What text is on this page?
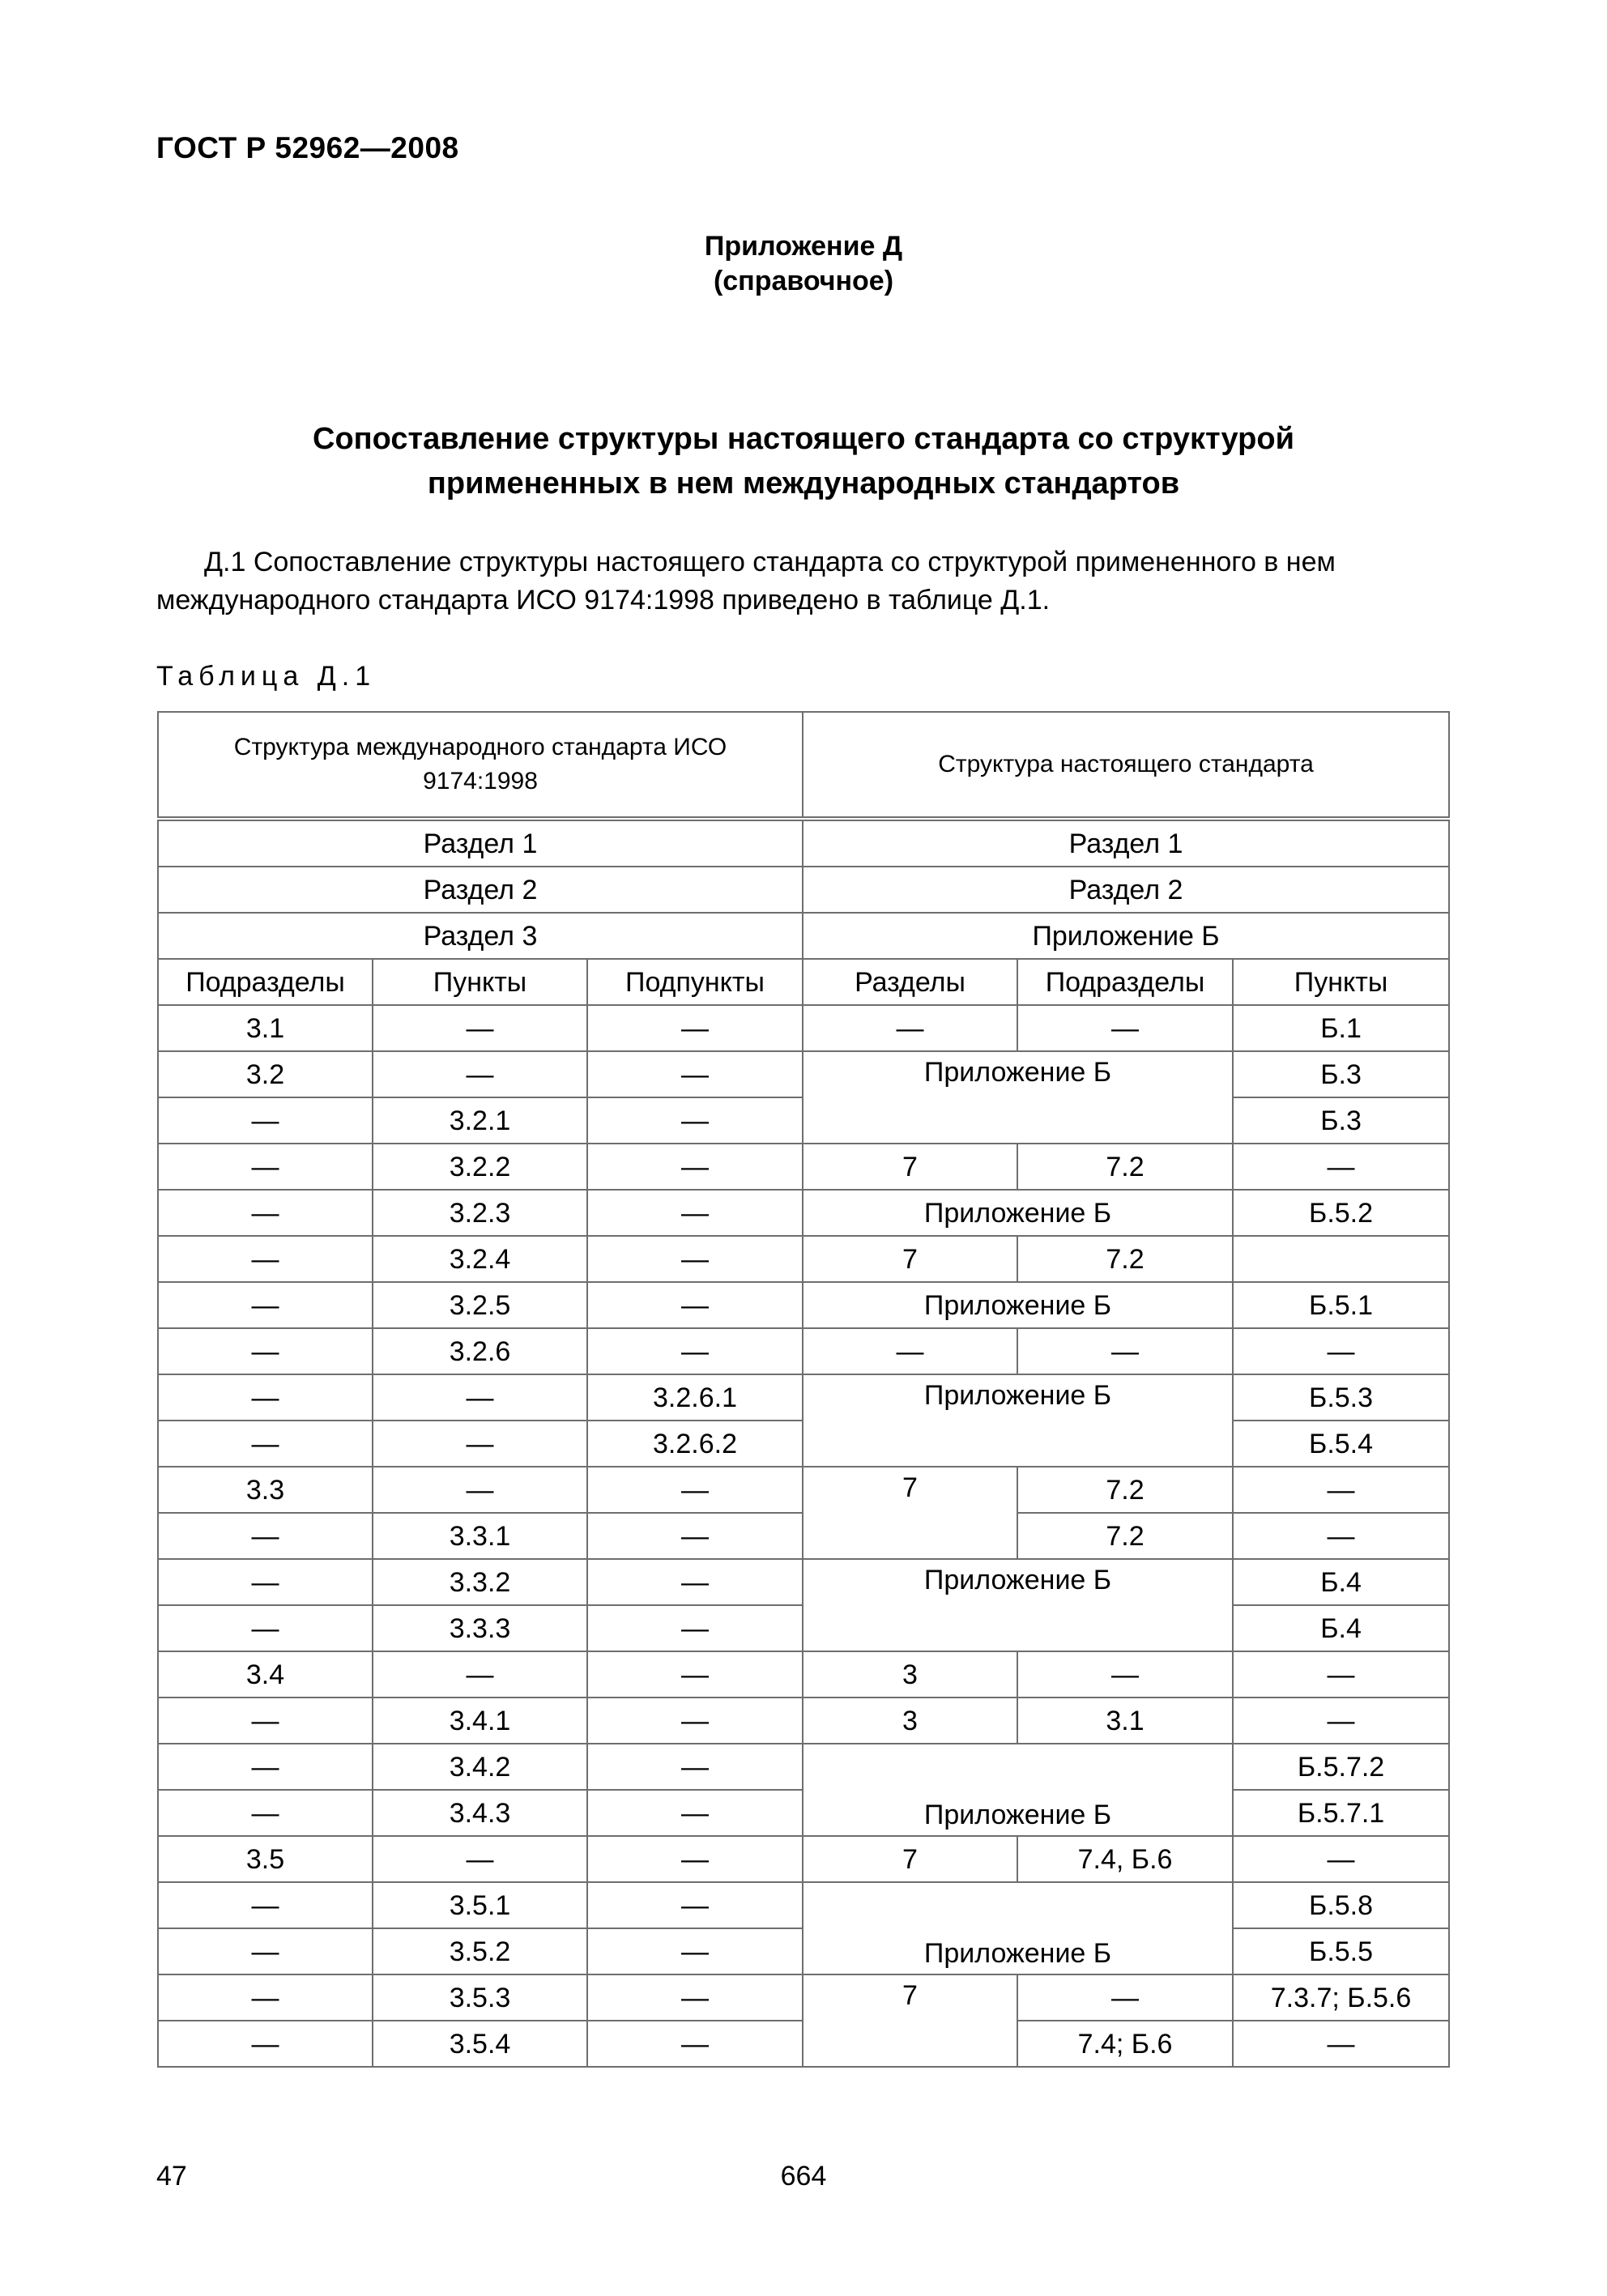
ГОСТ Р 52962—2008
Приложение Д
(справочное)
Сопоставление структуры настоящего стандарта со структурой
примененных в нем международных стандартов
Д.1 Сопоставление структуры настоящего стандарта со структурой примененного в нем
международного стандарта ИСО 9174:1998 приведено в таблице Д.1.
Таблица Д.1
Структура международного стандарта ИСО 9174:1998			Структура настоящего стандарта		
Раздел 1			Раздел 1		
Раздел 2			Раздел 2		
Раздел 3			Приложение Б		
Подразделы	Пункты	Подпункты	Разделы	Подразделы	Пункты
3.1	—	—	—	—	Б.1
3.2	—	—	Приложение Б		Б.3
—	3.2.1	—			Б.3
—	3.2.2	—	7	7.2	—
—	3.2.3	—	Приложение Б		Б.5.2
—	3.2.4	—	7	7.2	
—	3.2.5	—	Приложение Б		Б.5.1
—	3.2.6	—	—	—	—
—	—	3.2.6.1	Приложение Б		Б.5.3
—	—	3.2.6.2			Б.5.4
3.3	—	—	7	7.2	—
—	3.3.1	—		7.2	—
—	3.3.2	—	Приложение Б		Б.4
—	3.3.3	—			Б.4
3.4	—	—	3	—	—
—	3.4.1	—	3	3.1	—
—	3.4.2	—	Приложение Б		Б.5.7.2
—	3.4.3	—			Б.5.7.1
3.5	—	—	7	7.4, Б.6	—
—	3.5.1	—	Приложение Б		Б.5.8
—	3.5.2	—			Б.5.5
—	3.5.3	—	7	—	7.3.7; Б.5.6
—	3.5.4	—		7.4; Б.6	—
47	664
